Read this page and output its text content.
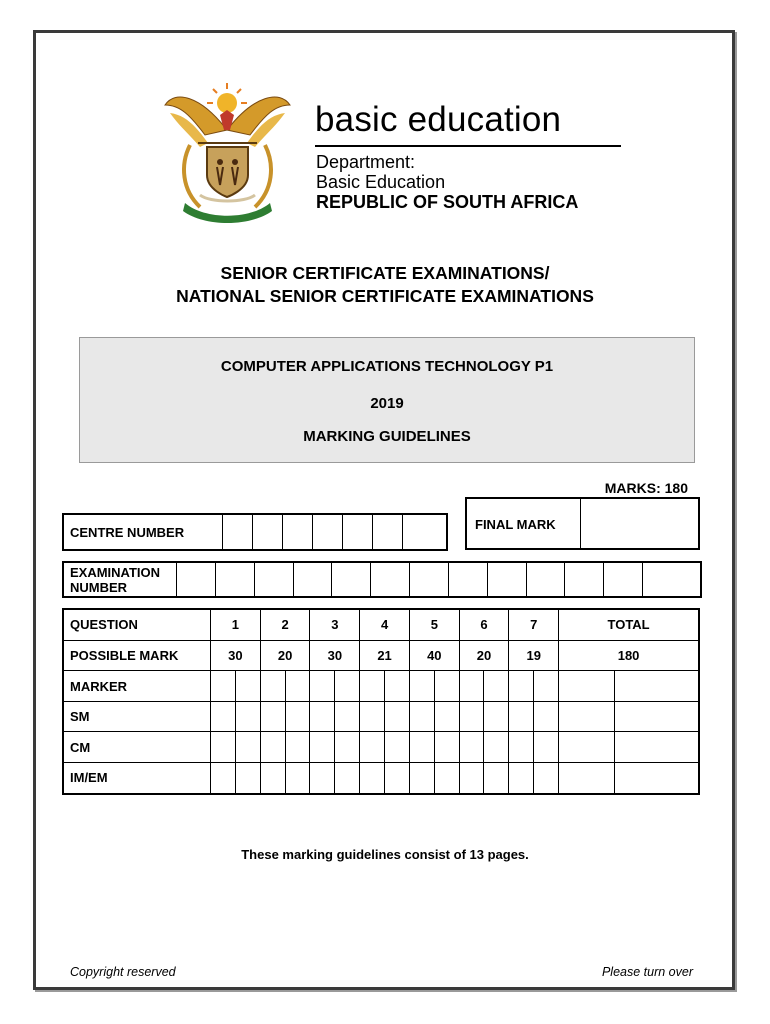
basic education
Department:
Basic Education
REPUBLIC OF SOUTH AFRICA
SENIOR CERTIFICATE EXAMINATIONS/
NATIONAL SENIOR CERTIFICATE EXAMINATIONS
COMPUTER APPLICATIONS TECHNOLOGY P1
2019
MARKING GUIDELINES
MARKS: 180
CENTRE NUMBER								FINAL MARK	
EXAMINATION
NUMBER

QUESTION	1		2		3		4		5		6		7		TOTAL	
POSSIBLE MARK	30		20		30		21		40		20		19		180	
MARKER																
SM																
CM																
IM/EM																
These marking guidelines consist of 13 pages.
Copyright reserved	Please turn over
